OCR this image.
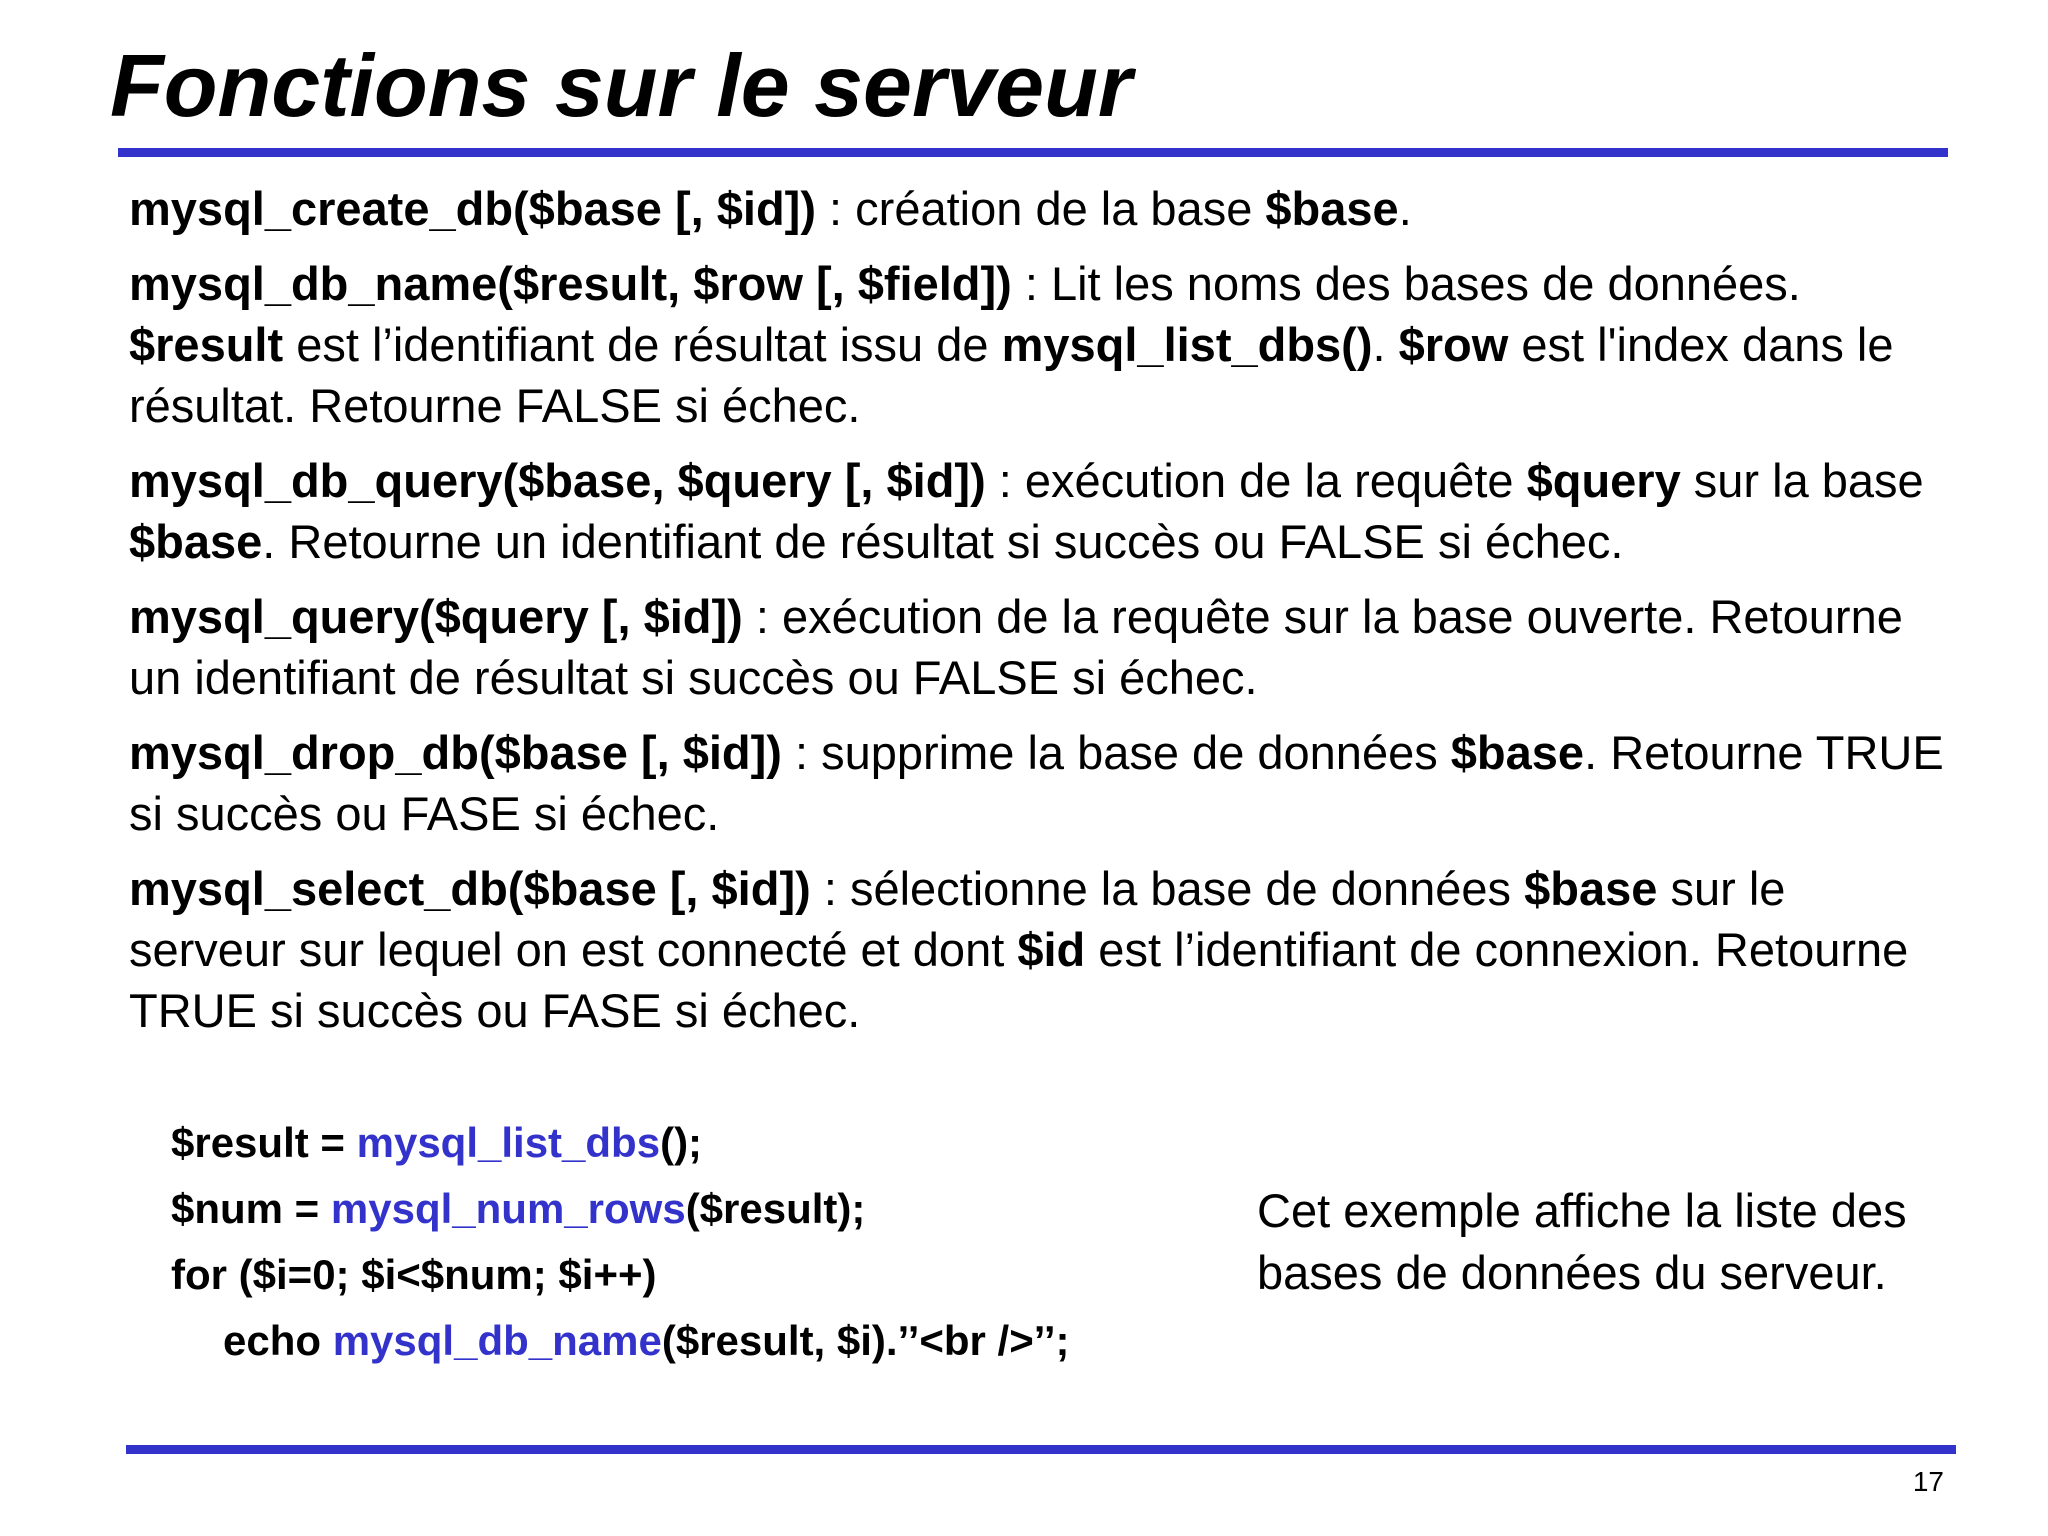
Fonctions sur le serveur

mysql_create_db($base [, $id]) : création de la base $base.

mysql_db_name($result, $row [, $field]) : Lit les noms des bases de données. $result est l’identifiant de résultat issu de mysql_list_dbs(). $row est l'index dans le résultat. Retourne FALSE si échec.

mysql_db_query($base, $query [, $id]) : exécution de la requête $query sur la base $base. Retourne un identifiant de résultat si succès ou FALSE si échec.

mysql_query($query [, $id]) : exécution de la requête sur la base ouverte. Retourne un identifiant de résultat si succès ou FALSE si échec.

mysql_drop_db($base [, $id]) : supprime la base de données $base. Retourne TRUE si succès ou FASE si échec.

mysql_select_db($base [, $id]) : sélectionne la base de données $base sur le serveur sur lequel on est connecté et dont $id est l’identifiant de connexion. Retourne TRUE si succès ou FASE si échec.

$result = mysql_list_dbs();
$num = mysql_num_rows($result);
for ($i=0; $i<$num; $i++)
echo mysql_db_name($result, $i).’’<br />’’;
Cet exemple affiche la liste des bases de données du serveur.
17
